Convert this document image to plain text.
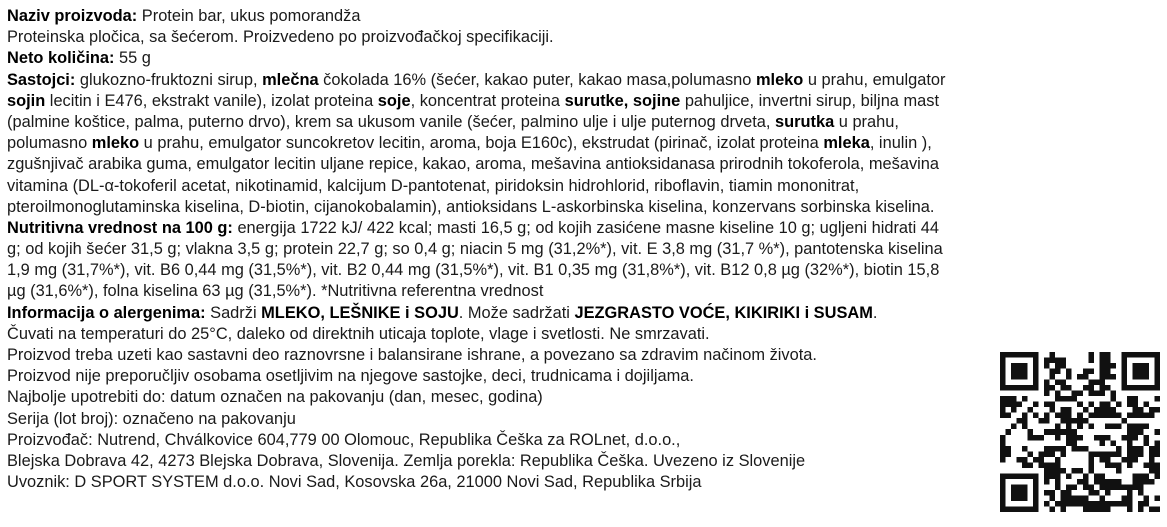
Naziv proizvoda: Protein bar, ukus pomorandža
Proteinska pločica, sa šećerom. Proizvedeno po proizvođačkoj specifikaciji.
Neto količina: 55 g
Sastojci: glukozno-fruktozni sirup, mlečna čokolada 16% (šećer, kakao puter, kakao masa,polumasno mleko u prahu, emulgator
sojin lecitin i E476, ekstrakt vanile), izolat proteina soje, koncentrat proteina surutke, sojine pahuljice, invertni sirup, biljna mast
(palmine koštice, palma, puterno drvo), krem sa ukusom vanile (šećer, palmino ulje i ulje puternog drveta, surutka u prahu,
polumasno mleko u prahu, emulgator suncokretov lecitin, aroma, boja E160c), ekstrudat (pirinač, izolat proteina mleka, inulin ),
zgušnjivač arabika guma, emulgator lecitin uljane repice, kakao, aroma, mešavina antioksidanasa prirodnih tokoferola, mešavina
vitamina (DL-α-tokoferil acetat, nikotinamid, kalcijum D-pantotenat, piridoksin hidrohlorid, riboflavin, tiamin mononitrat,
pteroilmonoglutaminska kiselina, D-biotin, cijanokobalamin), antioksidans L-askorbinska kiselina, konzervans sorbinska kiselina.
Nutritivna vrednost na 100 g: energija 1722 kJ/ 422 kcal; masti 16,5 g; od kojih zasićene masne kiseline 10 g; ugljeni hidrati 44
g; od kojih šećer 31,5 g; vlakna 3,5 g; protein 22,7 g; so 0,4 g; niacin 5 mg (31,2%*), vit. E 3,8 mg (31,7 %*), pantotenska kiselina
1,9 mg (31,7%*), vit. B6 0,44 mg (31,5%*), vit. B2 0,44 mg (31,5%*), vit. B1 0,35 mg (31,8%*), vit. B12 0,8 µg (32%*), biotin 15,8
µg (31,6%*), folna kiselina 63 µg (31,5%*). *Nutritivna referentna vrednost
Informacija o alergenima: Sadrži MLEKO, LEŠNIKE i SOJU. Može sadržati JEZGRASTO VOĆE, KIKIRIKI i SUSAM.
Čuvati na temperaturi do 25°C, daleko od direktnih uticaja toplote, vlage i svetlosti. Ne smrzavati.
Proizvod treba uzeti kao sastavni deo raznovrsne i balansirane ishrane, a povezano sa zdravim načinom života.
Proizvod nije preporučljiv osobama osetljivim na njegove sastojke, deci, trudnicama i dojiljama.
Najbolje upotrebiti do: datum označen na pakovanju (dan, mesec, godina)
Serija (lot broj): označeno na pakovanju
Proizvođač: Nutrend, Chválkovice 604,779 00 Olomouc, Republika Češka za ROLnet, d.o.o.,
Blejska Dobrava 42, 4273 Blejska Dobrava, Slovenija. Zemlja porekla: Republika Češka. Uvezeno iz Slovenije
Uvoznik: D SPORT SYSTEM d.o.o. Novi Sad, Kosovska 26a, 21000 Novi Sad, Republika Srbija
